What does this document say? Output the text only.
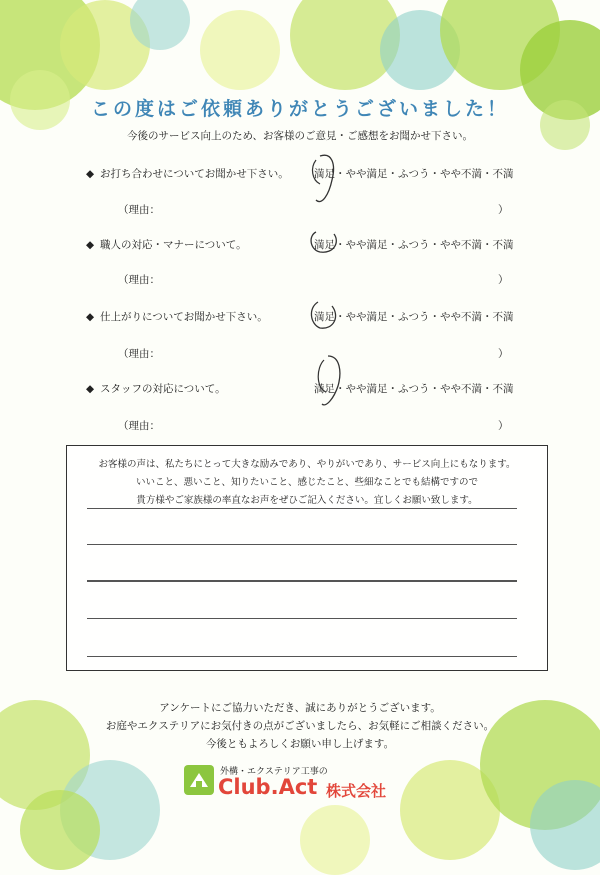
この度はご依頼ありがとうございました！
今後のサービス向上のため、お客様のご意見・ご感想をお聞かせ下さい。
◆ お打ち合わせについてお聞かせ下さい。 満足・やや満足・ふつう・やや不満・不満
（理由：	）
◆ 職人の対応・マナーについて。	満足・やや満足・ふつう・やや不満・不満
（理由：	）
◆ 仕上がりについてお聞かせ下さい。	満足・やや満足・ふつう・やや不満・不満
（理由：	）
◆ スタッフの対応について。	満足・やや満足・ふつう・やや不満・不満
（理由：	）
お客様の声は、私たちにとって大きな励みであり、やりがいであり、サービス向上にもなります。
いいこと、悪いこと、知りたいこと、感じたこと、些細なことでも結構ですので
貴方様やご家族様の率直なお声をぜひご記入ください。宜しくお願い致します。
アンケートにご協力いただき、誠にありがとうございます。
お庭やエクステリアにお気付きの点がございましたら、お気軽にご相談ください。
今後ともよろしくお願い申し上げます。
外構・エクステリア工事の
Club.Act 株式会社
